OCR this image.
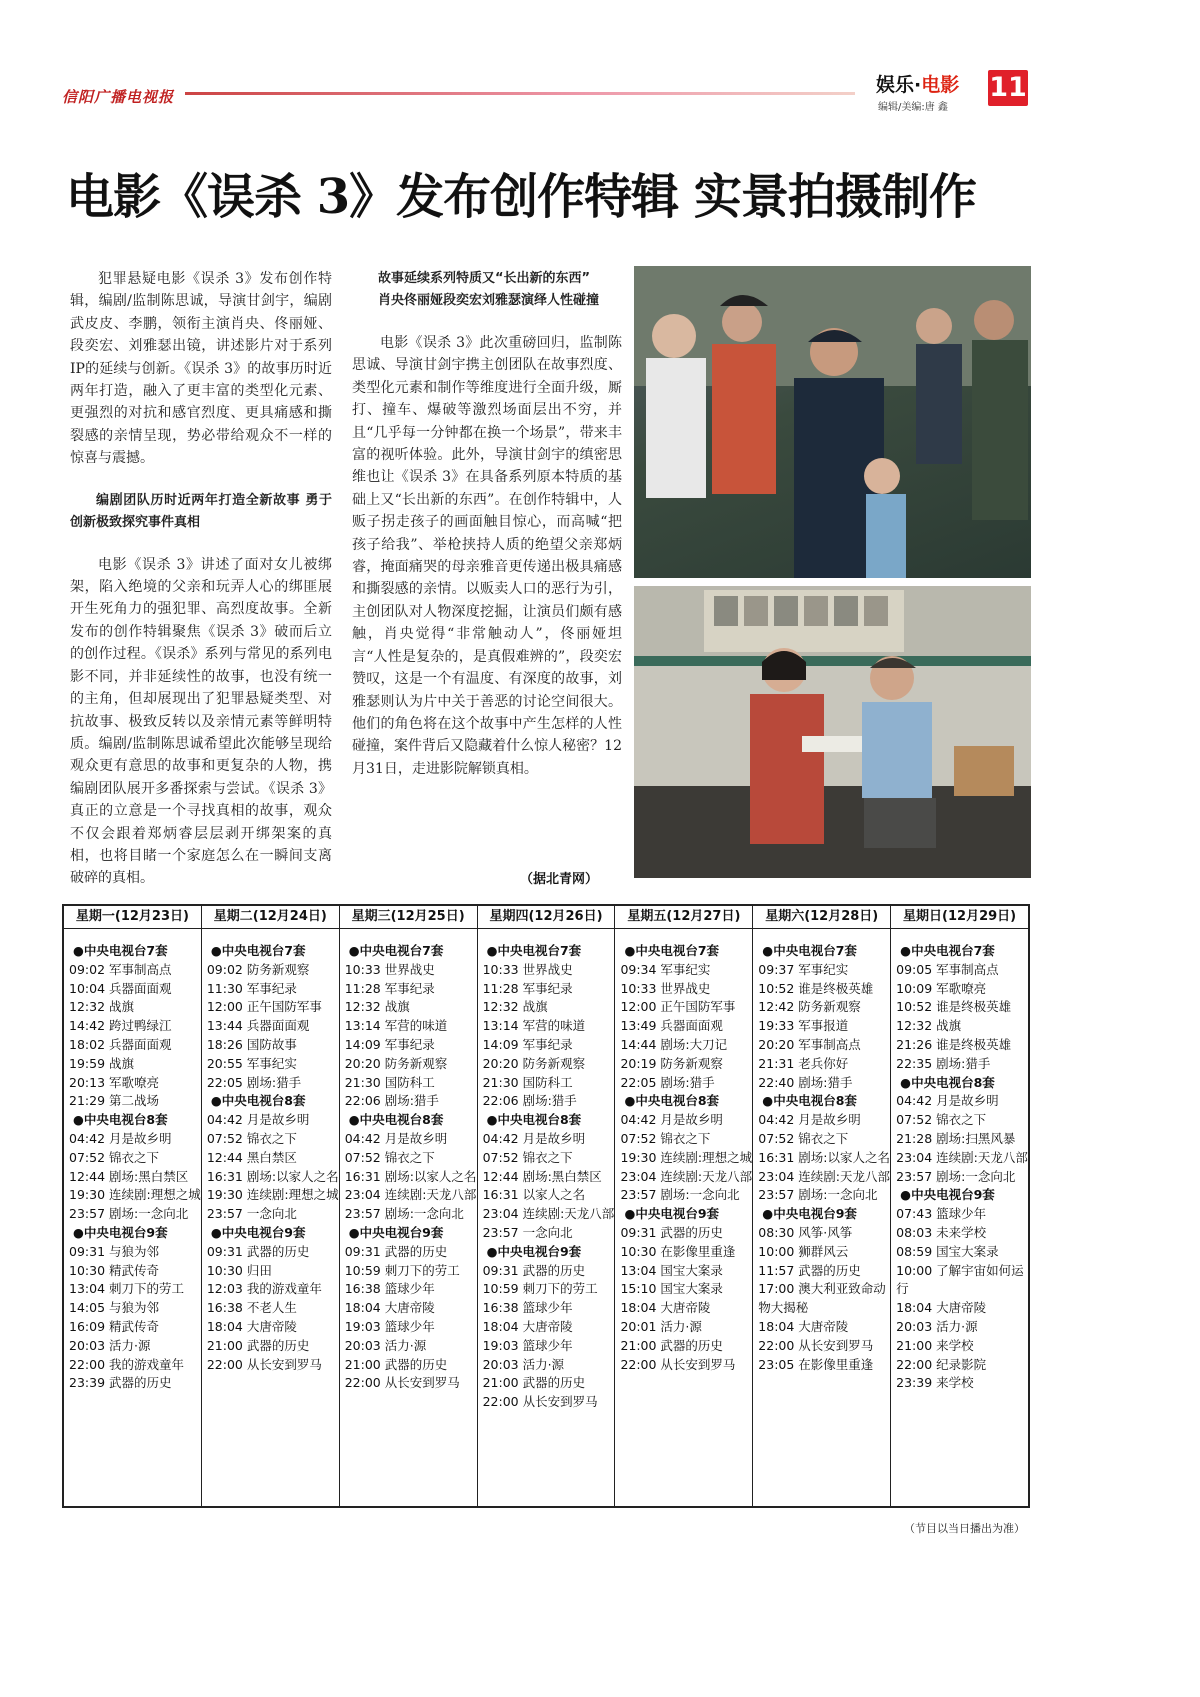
信阳广播电视报
娱乐·电影
编辑/美编:唐 鑫
11
电影《误杀 3》发布创作特辑 实景拍摄制作

犯罪悬疑电影《误杀 3》发布创作特辑，编剧/监制陈思诚，导演甘剑宇，编剧武皮皮、李鹏，领衔主演肖央、佟丽娅、段奕宏、刘雅瑟出镜，讲述影片对于系列IP的延续与创新。《误杀 3》的故事历时近两年打造，融入了更丰富的类型化元素、更强烈的对抗和感官烈度、更具痛感和撕裂感的亲情呈现，势必带给观众不一样的惊喜与震撼。

编剧团队历时近两年打造全新故事 勇于创新极致探究事件真相

电影《误杀 3》讲述了面对女儿被绑架，陷入绝境的父亲和玩弄人心的绑匪展开生死角力的强犯罪、高烈度故事。全新发布的创作特辑聚焦《误杀 3》破而后立的创作过程。《误杀》系列与常见的系列电影不同，并非延续性的故事，也没有统一的主角，但却展现出了犯罪悬疑类型、对抗故事、极致反转以及亲情元素等鲜明特质。编剧/监制陈思诚希望此次能够呈现给观众更有意思的故事和更复杂的人物，携编剧团队展开多番探索与尝试。《误杀 3》真正的立意是一个寻找真相的故事，观众不仅会跟着郑炳睿层层剥开绑架案的真相，也将目睹一个家庭怎么在一瞬间支离破碎的真相。

故事延续系列特质又“长出新的东西”
肖央佟丽娅段奕宏刘雅瑟演绎人性碰撞

电影《误杀 3》此次重磅回归，监制陈思诚、导演甘剑宇携主创团队在故事烈度、类型化元素和制作等维度进行全面升级，厮打、撞车、爆破等激烈场面层出不穷，并且“几乎每一分钟都在换一个场景”，带来丰富的视听体验。此外，导演甘剑宇的缜密思维也让《误杀 3》在具备系列原本特质的基础上又“长出新的东西”。在创作特辑中，人贩子拐走孩子的画面触目惊心，而高喊“把孩子给我”、举枪挟持人质的绝望父亲郑炳睿，掩面痛哭的母亲雅音更传递出极具痛感和撕裂感的亲情。以贩卖人口的恶行为引，主创团队对人物深度挖掘，让演员们颇有感触，肖央觉得“非常触动人”，佟丽娅坦言“人性是复杂的，是真假难辨的”，段奕宏赞叹，这是一个有温度、有深度的故事，刘雅瑟则认为片中关于善恶的讨论空间很大。他们的角色将在这个故事中产生怎样的人性碰撞，案件背后又隐藏着什么惊人秘密？12月31日，走进影院解锁真相。

（据北青网）
星期一(12月23日)
●中央电视台7套
09:02 军事制高点
10:04 兵器面面观
12:32 战旗
14:42 跨过鸭绿江
18:02 兵器面面观
19:59 战旗
20:13 军歌嘹亮
21:29 第二战场
●中央电视台8套
04:42 月是故乡明
07:52 锦衣之下
12:44 剧场:黑白禁区
19:30 连续剧:理想之城
23:57 剧场:一念向北
●中央电视台9套
09:31 与狼为邻
10:30 精武传奇
13:04 刺刀下的劳工
14:05 与狼为邻
16:09 精武传奇
20:03 活力·源
22:00 我的游戏童年
23:39 武器的历史
星期二(12月24日)
●中央电视台7套
09:02 防务新观察
11:30 军事纪录
12:00 正午国防军事
13:44 兵器面面观
18:26 国防故事
20:55 军事纪实
22:05 剧场:猎手
●中央电视台8套
04:42 月是故乡明
07:52 锦衣之下
12:44 黑白禁区
16:31 剧场:以家人之名
19:30 连续剧:理想之城
23:57 一念向北
●中央电视台9套
09:31 武器的历史
10:30 归田
12:03 我的游戏童年
16:38 不老人生
18:04 大唐帝陵
21:00 武器的历史
22:00 从长安到罗马
星期三(12月25日)
●中央电视台7套
10:33 世界战史
11:28 军事纪录
12:32 战旗
13:14 军营的味道
14:09 军事纪录
20:20 防务新观察
21:30 国防科工
22:06 剧场:猎手
●中央电视台8套
04:42 月是故乡明
07:52 锦衣之下
16:31 剧场:以家人之名
23:04 连续剧:天龙八部
23:57 剧场:一念向北
●中央电视台9套
09:31 武器的历史
10:59 刺刀下的劳工
16:38 篮球少年
18:04 大唐帝陵
19:03 篮球少年
20:03 活力·源
21:00 武器的历史
22:00 从长安到罗马
星期四(12月26日)
●中央电视台7套
10:33 世界战史
11:28 军事纪录
12:32 战旗
13:14 军营的味道
14:09 军事纪录
20:20 防务新观察
21:30 国防科工
22:06 剧场:猎手
●中央电视台8套
04:42 月是故乡明
07:52 锦衣之下
12:44 剧场:黑白禁区
16:31 以家人之名
23:04 连续剧:天龙八部
23:57 一念向北
●中央电视台9套
09:31 武器的历史
10:59 刺刀下的劳工
16:38 篮球少年
18:04 大唐帝陵
19:03 篮球少年
20:03 活力·源
21:00 武器的历史
22:00 从长安到罗马
星期五(12月27日)
●中央电视台7套
09:34 军事纪实
10:33 世界战史
12:00 正午国防军事
13:49 兵器面面观
14:44 剧场:大刀记
20:19 防务新观察
22:05 剧场:猎手
●中央电视台8套
04:42 月是故乡明
07:52 锦衣之下
19:30 连续剧:理想之城
23:04 连续剧:天龙八部
23:57 剧场:一念向北
●中央电视台9套
09:31 武器的历史
10:30 在影像里重逢
13:04 国宝大案录
15:10 国宝大案录
18:04 大唐帝陵
20:01 活力·源
21:00 武器的历史
22:00 从长安到罗马
星期六(12月28日)
●中央电视台7套
09:37 军事纪实
10:52 谁是终极英雄
12:42 防务新观察
19:33 军事报道
20:20 军事制高点
21:31 老兵你好
22:40 剧场:猎手
●中央电视台8套
04:42 月是故乡明
07:52 锦衣之下
16:31 剧场:以家人之名
23:04 连续剧:天龙八部
23:57 剧场:一念向北
●中央电视台9套
08:30 风筝·风筝
10:00 狮群风云
11:57 武器的历史
17:00 澳大利亚致命动物大揭秘
18:04 大唐帝陵
22:00 从长安到罗马
23:05 在影像里重逢
星期日(12月29日)
●中央电视台7套
09:05 军事制高点
10:09 军歌嘹亮
10:52 谁是终极英雄
12:32 战旗
21:26 谁是终极英雄
22:35 剧场:猎手
●中央电视台8套
04:42 月是故乡明
07:52 锦衣之下
21:28 剧场:扫黑风暴
23:04 连续剧:天龙八部
23:57 剧场:一念向北
●中央电视台9套
07:43 篮球少年
08:03 未来学校
08:59 国宝大案录
10:00 了解宇宙如何运行
18:04 大唐帝陵
20:03 活力·源
21:00 来学校
22:00 纪录影院
23:39 来学校
（节目以当日播出为准）
